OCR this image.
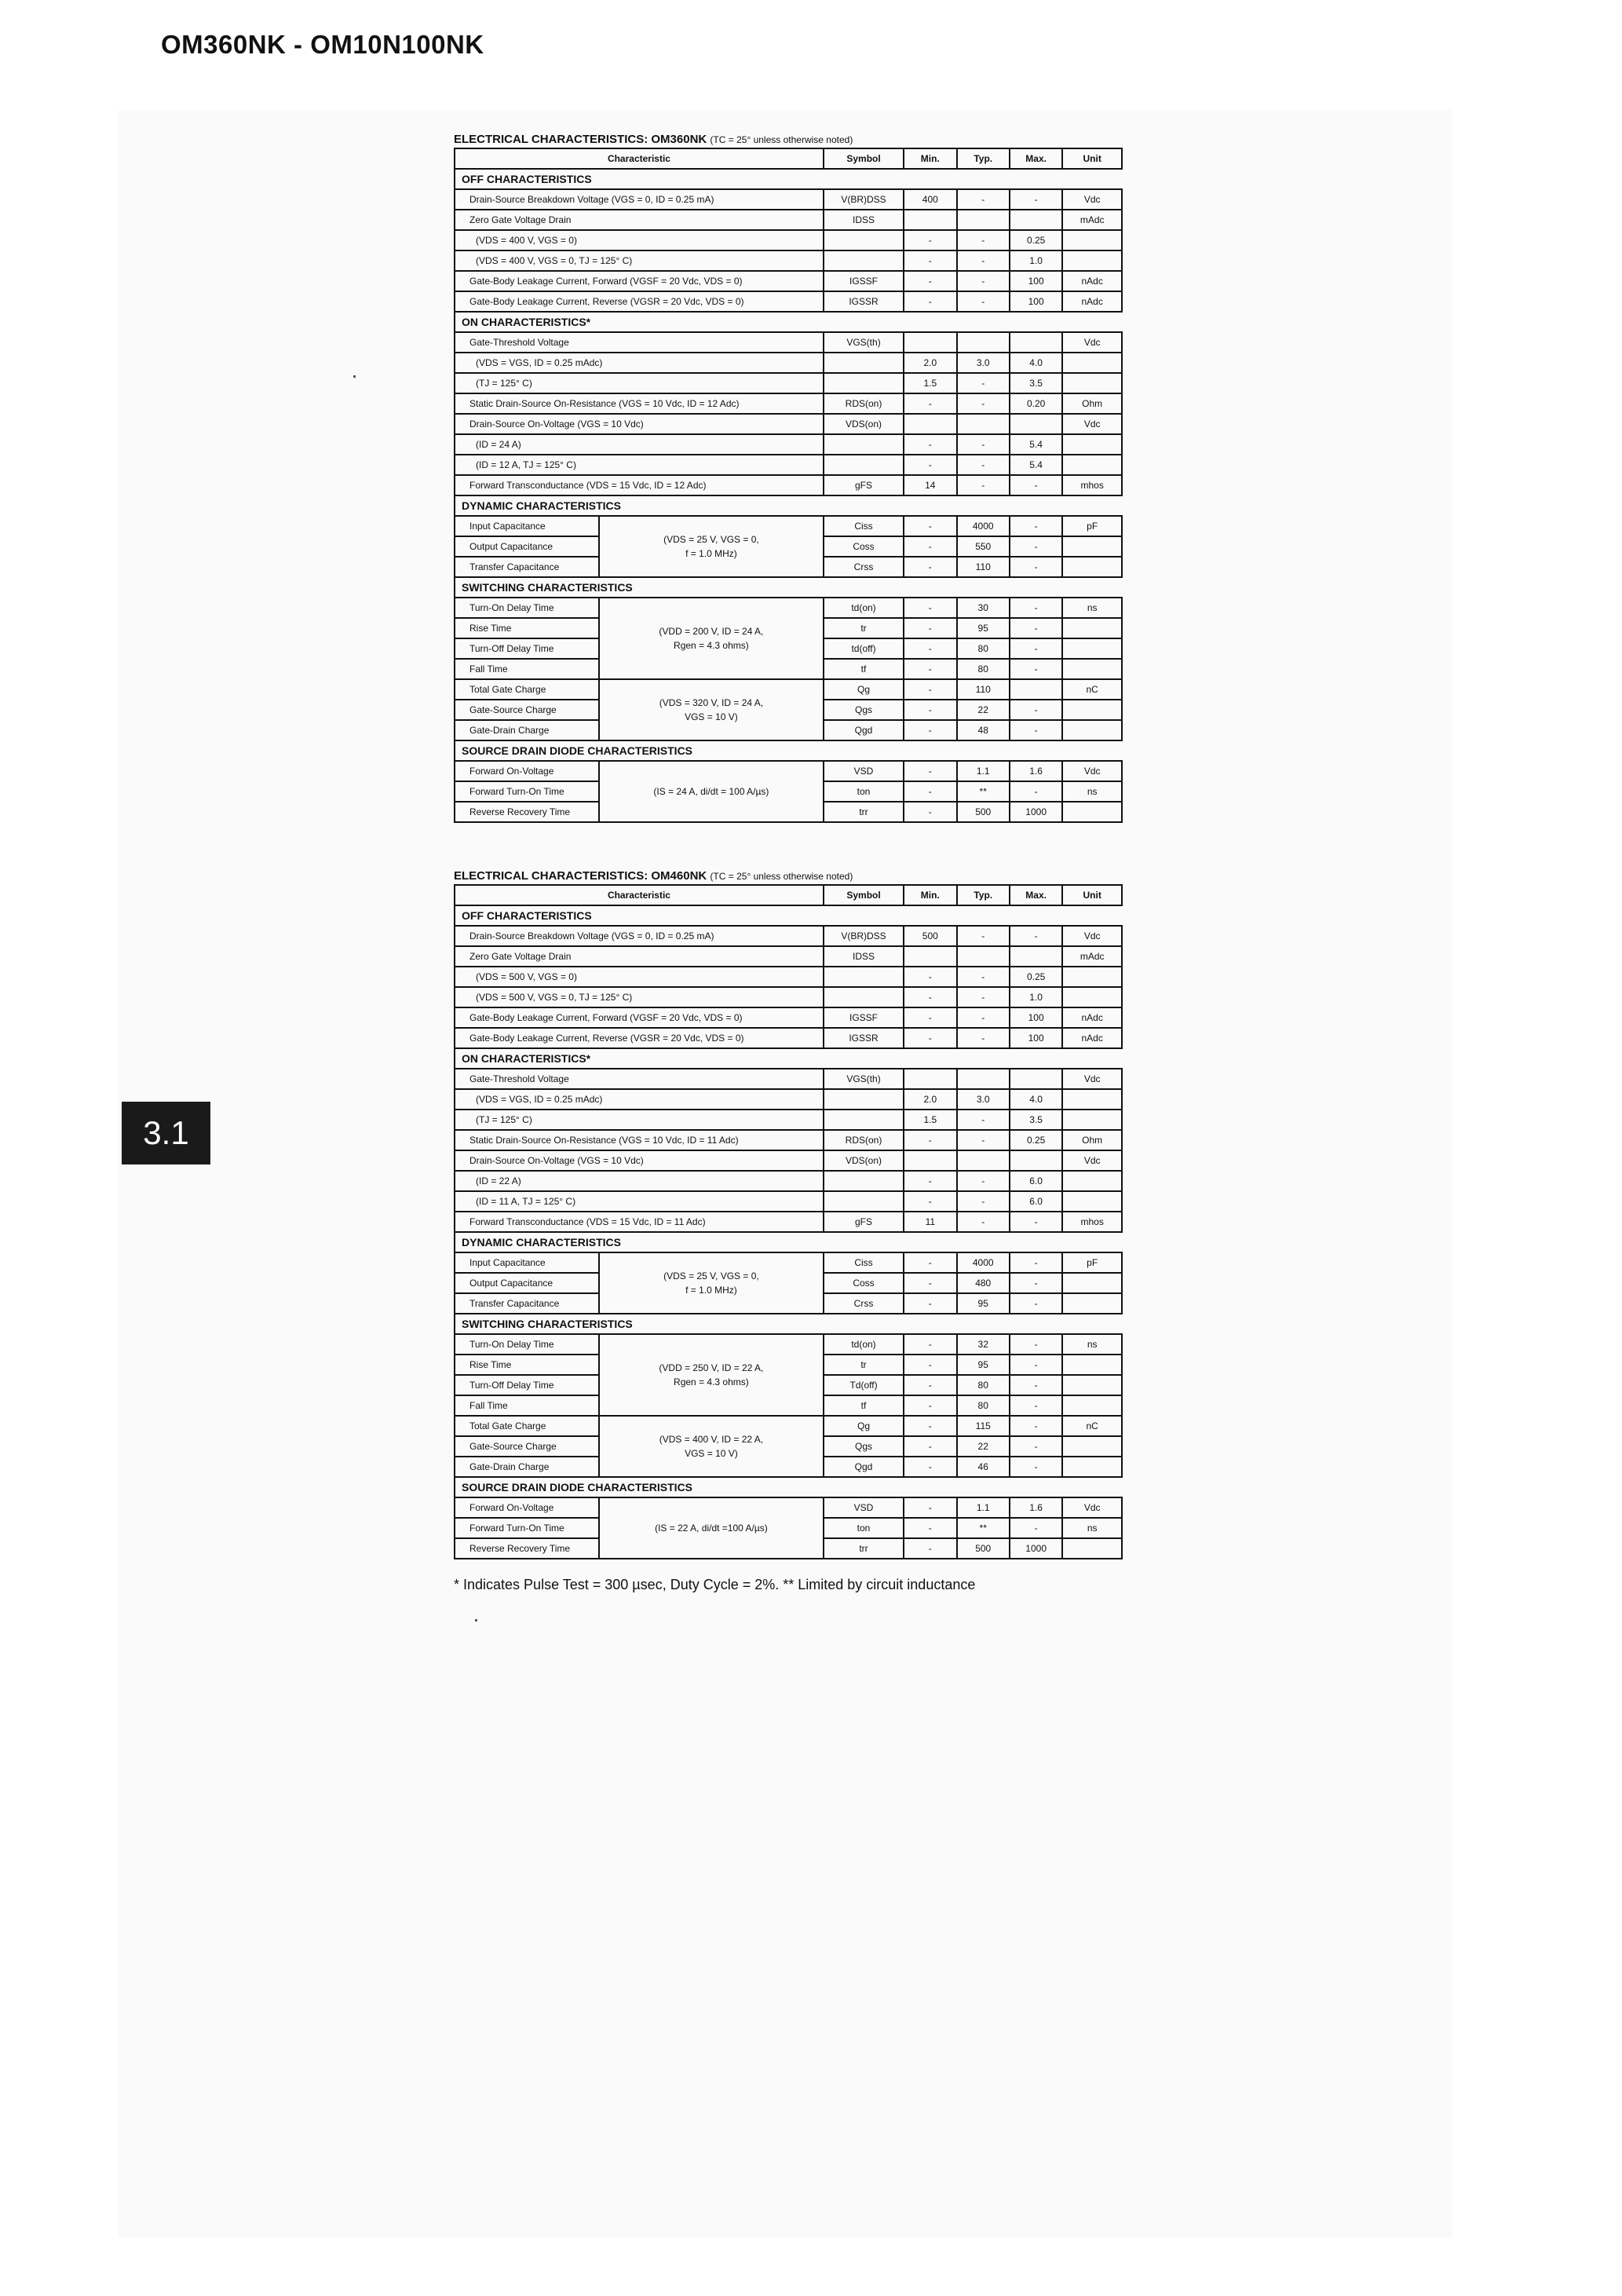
OM360NK - OM10N100NK
3.1
ELECTRICAL CHARACTERISTICS: OM360NK (TC = 25° unless otherwise noted)
Characteristic	Symbol	Min.	Typ.	Max.	Unit
OFF CHARACTERISTICS
Drain-Source Breakdown Voltage (VGS = 0, ID = 0.25 mA)	V(BR)DSS	400	-	-	Vdc
Zero Gate Voltage Drain	IDSS				mAdc
(VDS = 400 V, VGS = 0)		-	-	0.25	
(VDS = 400 V, VGS = 0, TJ = 125° C)		-	-	1.0	
Gate-Body Leakage Current, Forward (VGSF = 20 Vdc, VDS = 0)	IGSSF	-	-	100	nAdc
Gate-Body Leakage Current, Reverse (VGSR = 20 Vdc, VDS = 0)	IGSSR	-	-	100	nAdc
ON CHARACTERISTICS*
Gate-Threshold Voltage	VGS(th)				Vdc
(VDS = VGS, ID = 0.25 mAdc)		2.0	3.0	4.0	
(TJ = 125° C)		1.5	-	3.5	
Static Drain-Source On-Resistance (VGS = 10 Vdc, ID = 12 Adc)	RDS(on)	-	-	0.20	Ohm
Drain-Source On-Voltage (VGS = 10 Vdc)	VDS(on)				Vdc
(ID = 24 A)		-	-	5.4	
(ID = 12 A, TJ = 125° C)		-	-	5.4	
Forward Transconductance (VDS = 15 Vdc, ID = 12 Adc)	gFS	14	-	-	mhos
DYNAMIC CHARACTERISTICS
Input Capacitance	(VDS = 25 V, VGS = 0,
f = 1.0 MHz)	Ciss	-	4000	-	pF
Output Capacitance		Coss	-	550	-	
Transfer Capacitance		Crss	-	110	-	
SWITCHING CHARACTERISTICS
Turn-On Delay Time	(VDD = 200 V, ID = 24 A,
Rgen = 4.3 ohms)	td(on)	-	30	-	ns
Rise Time		tr	-	95	-	
Turn-Off Delay Time		td(off)	-	80	-	
Fall Time		tf	-	80	-	
Total Gate Charge	(VDS = 320 V, ID = 24 A,
VGS = 10 V)	Qg	-	110		nC
Gate-Source Charge		Qgs	-	22	-	
Gate-Drain Charge		Qgd	-	48	-	
SOURCE DRAIN DIODE CHARACTERISTICS
Forward On-Voltage	(IS = 24 A, di/dt = 100 A/µs)	VSD	-	1.1	1.6	Vdc
Forward Turn-On Time		ton	-	**	-	ns
Reverse Recovery Time		trr	-	500	1000	
ELECTRICAL CHARACTERISTICS: OM460NK (TC = 25° unless otherwise noted)
Characteristic	Symbol	Min.	Typ.	Max.	Unit
OFF CHARACTERISTICS
Drain-Source Breakdown Voltage (VGS = 0, ID = 0.25 mA)	V(BR)DSS	500	-	-	Vdc
Zero Gate Voltage Drain	IDSS				mAdc
(VDS = 500 V, VGS = 0)		-	-	0.25	
(VDS = 500 V, VGS = 0, TJ = 125° C)		-	-	1.0	
Gate-Body Leakage Current, Forward (VGSF = 20 Vdc, VDS = 0)	IGSSF	-	-	100	nAdc
Gate-Body Leakage Current, Reverse (VGSR = 20 Vdc, VDS = 0)	IGSSR	-	-	100	nAdc
ON CHARACTERISTICS*
Gate-Threshold Voltage	VGS(th)				Vdc
(VDS = VGS, ID = 0.25 mAdc)		2.0	3.0	4.0	
(TJ = 125° C)		1.5	-	3.5	
Static Drain-Source On-Resistance (VGS = 10 Vdc, ID = 11 Adc)	RDS(on)	-	-	0.25	Ohm
Drain-Source On-Voltage (VGS = 10 Vdc)	VDS(on)				Vdc
(ID = 22 A)		-	-	6.0	
(ID = 11 A, TJ = 125° C)		-	-	6.0	
Forward Transconductance (VDS = 15 Vdc, ID = 11 Adc)	gFS	11	-	-	mhos
DYNAMIC CHARACTERISTICS
Input Capacitance	(VDS = 25 V, VGS = 0,
f = 1.0 MHz)	Ciss	-	4000	-	pF
Output Capacitance		Coss	-	480	-	
Transfer Capacitance		Crss	-	95	-	
SWITCHING CHARACTERISTICS
Turn-On Delay Time	(VDD = 250 V, ID = 22 A,
Rgen = 4.3 ohms)	td(on)	-	32	-	ns
Rise Time		tr	-	95	-	
Turn-Off Delay Time		Td(off)	-	80	-	
Fall Time		tf	-	80	-	
Total Gate Charge	(VDS = 400 V, ID = 22 A,
VGS = 10 V)	Qg	-	115	-	nC
Gate-Source Charge		Qgs	-	22	-	
Gate-Drain Charge		Qgd	-	46	-	
SOURCE DRAIN DIODE CHARACTERISTICS
Forward On-Voltage	(IS = 22 A, di/dt =100 A/µs)	VSD	-	1.1	1.6	Vdc
Forward Turn-On Time		ton	-	**	-	ns
Reverse Recovery Time		trr	-	500	1000	
* Indicates Pulse Test = 300 µsec, Duty Cycle = 2%. ** Limited by circuit inductance
